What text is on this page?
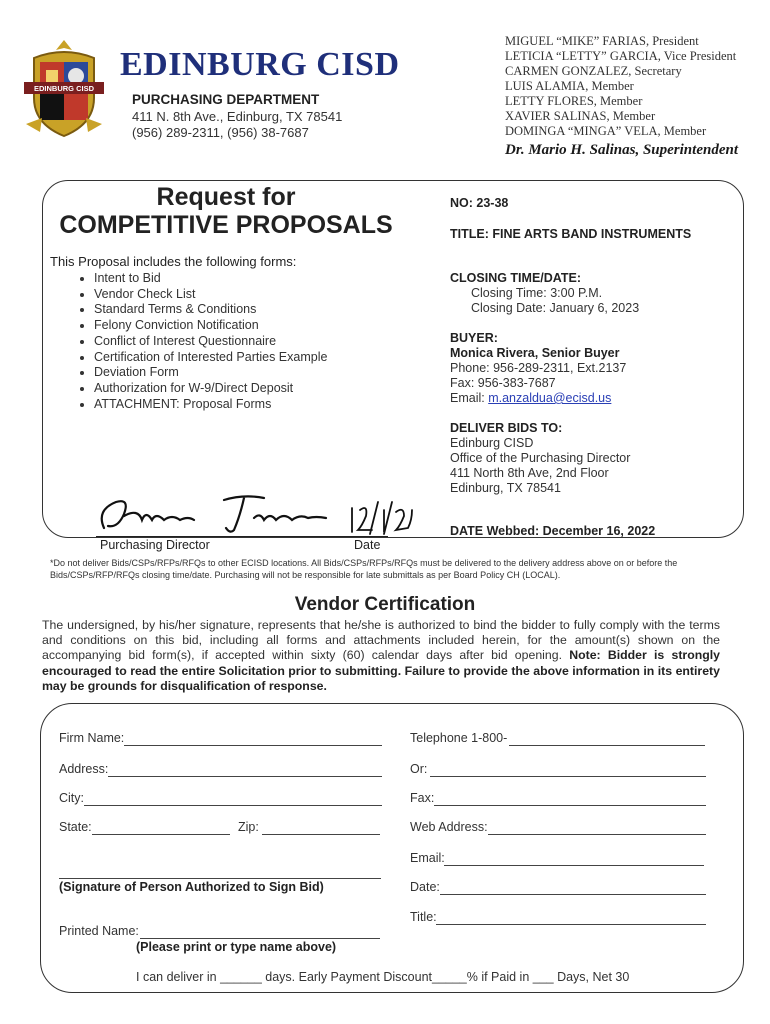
EDINBURG CISD
EDINBURG CISD
PURCHASING DEPARTMENT
411 N. 8th Ave., Edinburg, TX 78541
(956) 289-2311, (956) 38-7687
MIGUEL “MIKE” FARIAS, President
LETICIA “LETTY” GARCIA, Vice President
CARMEN GONZALEZ, Secretary
LUIS ALAMIA, Member
LETTY FLORES, Member
XAVIER SALINAS, Member
DOMINGA “MINGA” VELA, Member
Dr. Mario H. Salinas, Superintendent
Request for
COMPETITIVE PROPOSALS
This Proposal includes the following forms:
• Intent to Bid
• Vendor Check List
• Standard Terms & Conditions
• Felony Conviction Notification
• Conflict of Interest Questionnaire
• Certification of Interested Parties Example
• Deviation Form
• Authorization for W-9/Direct Deposit
• ATTACHMENT: Proposal Forms
NO: 23-38
TITLE: FINE ARTS BAND INSTRUMENTS
CLOSING TIME/DATE:
Closing Time: 3:00 P.M.
Closing Date: January 6, 2023
BUYER:
Monica Rivera, Senior Buyer
Phone: 956-289-2311, Ext.2137
Fax: 956-383-7687
Email: m.anzaldua@ecisd.us
DELIVER BIDS TO:
Edinburg CISD
Office of the Purchasing Director
411 North 8th Ave, 2nd Floor
Edinburg, TX 78541
DATE Webbed: December 16, 2022
Purchasing Director	Date
*Do not deliver Bids/CSPs/RFPs/RFQs to other ECISD locations. All Bids/CSPs/RFPs/RFQs must be delivered to the delivery address above on or before the Bids/CSPs/RFP/RFQs closing time/date. Purchasing will not be responsible for late submittals as per Board Policy CH (LOCAL).
Vendor Certification
The undersigned, by his/her signature, represents that he/she is authorized to bind the bidder to fully comply with the terms and conditions on this bid, including all forms and attachments included herein, for the amount(s) shown on the accompanying bid form(s), if accepted within sixty (60) calendar days after bid opening. Note: Bidder is strongly encouraged to read the entire Solicitation prior to submitting. Failure to provide the above information in its entirety may be grounds for disqualification of response.
Firm Name:
Address:
City:
State:	Zip:
(Signature of Person Authorized to Sign Bid)
Printed Name:
(Please print or type name above)
Telephone 1-800-
Or:
Fax:
Web Address:
Email:
Date:
Title:
I can deliver in ______ days. Early Payment Discount_____% if Paid in ___ Days, Net 30
